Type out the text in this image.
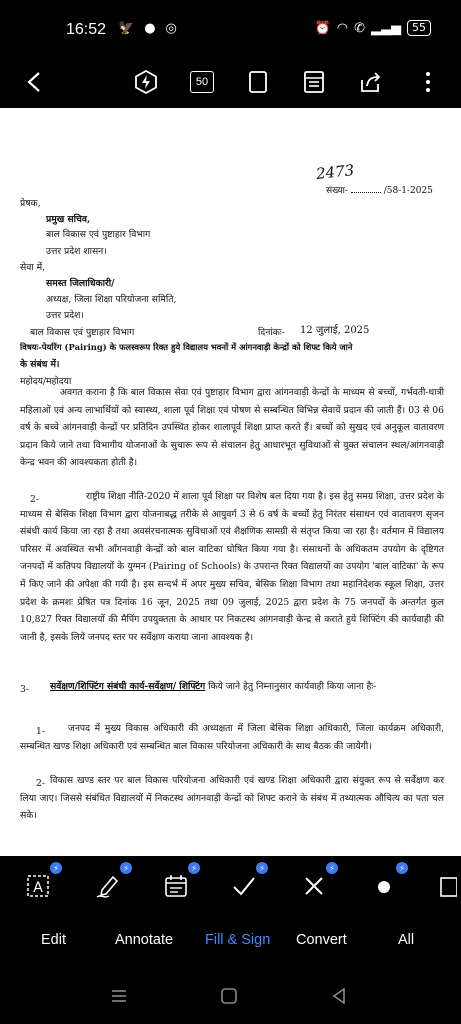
16:52 🦅 ● ◎	⏰ ◠ ✆ ▂▃▅	55
50
2473
संख्या-	/58-1-2025
प्रेषक,
प्रमुख सचिव,
बाल विकास एवं पुष्टाहार विभाग
उत्तर प्रदेश शासन।
सेवा में,
समस्त जिलाधिकारी/
अध्यक्ष, जिला शिक्षा परियोजना समिति,
उत्तर प्रदेश।
बाल विकास एवं पुष्टाहार विभाग	दिनांकः- 12 जुलाई, 2025
विषयः-पेयरिंग (Pairing) के फलस्वरूप रिक्त हुये विद्यालय भवनों में आंगनवाड़ी केन्द्रों को शिफ्ट किये जाने
के संबंध में।
महोदय/महोदया
अवगत कराना है कि बाल विकास सेवा एवं पुष्टाहार विभाग द्वारा आंगनवाड़ी केन्द्रों के माध्यम से बच्चों, गर्भवती-धात्री महिलाओं एवं अन्य लाभार्थियों को स्वास्थ्य, शाला पूर्व शिक्षा एवं पोषण से सम्बन्धित विभिन्न सेवायें प्रदान की जाती हैं। 03 से 06 वर्ष के बच्चे आंगनवाड़ी केन्द्रों पर प्रतिदिन उपस्थित होकर शालापूर्व शिक्षा प्राप्त करते हैं। बच्चों को सुखद एवं अनुकूल वातावरण प्रदान किये जाने तथा विभागीय योजनाओं के सुचारू रूप से संचालन हेतु आधारभूत सुविधाओं से युक्त संचालन स्थल/आंगनवाड़ी केन्द्र भवन की आवश्यकता होती है।
2-	राष्ट्रीय शिक्षा नीति-2020 में शाला पूर्व शिक्षा पर विशेष बल दिया गया है। इस हेतु समग्र शिक्षा, उत्तर प्रदेश के माध्यम से बेसिक शिक्षा विभाग द्वारा योजनाबद्ध तरीके से आयुवर्ग 3 से 6 वर्ष के बच्चों हेतु निरंतर संसाधन एवं वातावरण सृजन संबंधी कार्य किया जा रहा है तथा अवसंरचनात्मक सुविधाओं एवं शैक्षणिक सामग्री से संतृप्त किया जा रहा है। वर्तमान में विद्यालय परिसर में अवस्थित सभी आँगनवाड़ी केन्द्रों को बाल वाटिका घोषित किया गया है। संसाधनों के अधिकतम उपयोग के दृष्टिगत जनपदों में कतिपय विद्यालयों के युग्मन (Pairing of Schools) के उपरान्त रिक्त विद्यालयों का उपयोग 'बाल वाटिका' के रूप में किए जाने की अपेक्षा की गयी है। इस सन्दर्भ में अपर मुख्य सचिव, बेसिक शिक्षा विभाग तथा महानिदेशक स्कूल शिक्षा, उत्तर प्रदेश के क्रमशः प्रेषित पत्र दिनांक 16 जून, 2025 तथा 09 जुलाई, 2025 द्वारा प्रदेश के 75 जनपदों के अन्तर्गत कुल 10,827 रिक्त विद्यालयों की मैपिंग उपयुक्तता के आधार पर निकटस्थ आंगनवाड़ी केन्द्र से कराते हुये शिफ्टिंग की कार्यवाही की जानी है, इसके लिये जनपद स्तर पर सर्वेक्षण कराया जाना आवश्यक है।
3- सर्वेक्षण/शिफ्टिंग संबंधी कार्य-सर्वेक्षण/ शिफ्टिंग किये जाने हेतु निम्नानुसार कार्यवाही किया जाना हैः-
1-	जनपद में मुख्य विकास अधिकारी की अध्यक्षता में जिला बेसिक शिक्षा अधिकारी, जिला कार्यक्रम अधिकारी, सम्बन्धित खण्ड शिक्षा अधिकारी एवं सम्बन्धित बाल विकास परियोजना अधिकारी के साथ बैठक की जायेगी।
2- विकास खण्ड स्तर पर बाल विकास परियोजना अधिकारी एवं खण्ड शिक्षा अधिकारी द्वारा संयुक्त रूप से सर्वेक्षण कर लिया जाए। जिससे संबंधित विद्यालयों में निकटस्थ आंगनवाड़ी केन्द्रों को शिफ्ट कराने के संबंध में तथ्यात्मक औचित्य का पता चल सके।
A
⚡	⚡	⚡	⚡	⚡	⚡
Edit	Annotate Fill & Sign Convert	All
